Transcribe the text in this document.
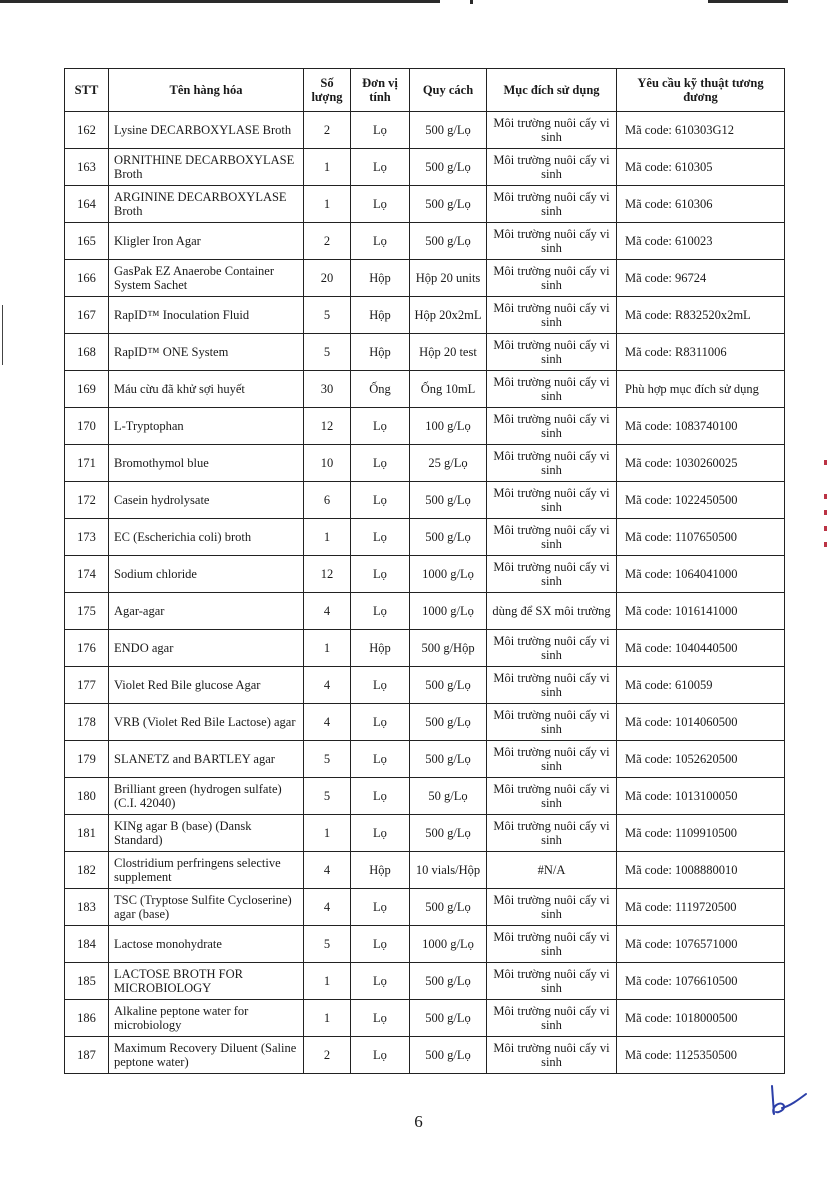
STT	Tên hàng hóa	Số lượng	Đơn vị tính	Quy cách	Mục đích sử dụng	Yêu cầu kỹ thuật tương đương
162	Lysine DECARBOXYLASE Broth	2	Lọ	500 g/Lọ	Môi trường nuôi cấy vi sinh	Mã code: 610303G12
163	ORNITHINE DECARBOXYLASE Broth	1	Lọ	500 g/Lọ	Môi trường nuôi cấy vi sinh	Mã code: 610305
164	ARGININE DECARBOXYLASE Broth	1	Lọ	500 g/Lọ	Môi trường nuôi cấy vi sinh	Mã code: 610306
165	Kligler Iron Agar	2	Lọ	500 g/Lọ	Môi trường nuôi cấy vi sinh	Mã code: 610023
166	GasPak EZ Anaerobe Container System Sachet	20	Hộp	Hộp 20 units	Môi trường nuôi cấy vi sinh	Mã code: 96724
167	RapID™ Inoculation Fluid	5	Hộp	Hộp 20x2mL	Môi trường nuôi cấy vi sinh	Mã code: R832520x2mL
168	RapID™ ONE System	5	Hộp	Hộp 20 test	Môi trường nuôi cấy vi sinh	Mã code: R8311006
169	Máu cừu đã khử sợi huyết	30	Ống	Ống 10mL	Môi trường nuôi cấy vi sinh	Phù hợp mục đích sử dụng
170	L-Tryptophan	12	Lọ	100 g/Lọ	Môi trường nuôi cấy vi sinh	Mã code: 1083740100
171	Bromothymol blue	10	Lọ	25 g/Lọ	Môi trường nuôi cấy vi sinh	Mã code: 1030260025
172	Casein hydrolysate	6	Lọ	500 g/Lọ	Môi trường nuôi cấy vi sinh	Mã code: 1022450500
173	EC (Escherichia coli) broth	1	Lọ	500 g/Lọ	Môi trường nuôi cấy vi sinh	Mã code: 1107650500
174	Sodium chloride	12	Lọ	1000 g/Lọ	Môi trường nuôi cấy vi sinh	Mã code: 1064041000
175	Agar-agar	4	Lọ	1000 g/Lọ	dùng để SX môi trường	Mã code: 1016141000
176	ENDO agar	1	Hộp	500 g/Hộp	Môi trường nuôi cấy vi sinh	Mã code: 1040440500
177	Violet Red Bile glucose Agar	4	Lọ	500 g/Lọ	Môi trường nuôi cấy vi sinh	Mã code: 610059
178	VRB (Violet Red Bile Lactose) agar	4	Lọ	500 g/Lọ	Môi trường nuôi cấy vi sinh	Mã code: 1014060500
179	SLANETZ and BARTLEY agar	5	Lọ	500 g/Lọ	Môi trường nuôi cấy vi sinh	Mã code: 1052620500
180	Brilliant green (hydrogen sulfate) (C.I. 42040)	5	Lọ	50 g/Lọ	Môi trường nuôi cấy vi sinh	Mã code: 1013100050
181	KINg agar B (base) (Dansk Standard)	1	Lọ	500 g/Lọ	Môi trường nuôi cấy vi sinh	Mã code: 1109910500
182	Clostridium perfringens selective supplement	4	Hộp	10 vials/Hộp	#N/A	Mã code: 1008880010
183	TSC (Tryptose Sulfite Cycloserine) agar (base)	4	Lọ	500 g/Lọ	Môi trường nuôi cấy vi sinh	Mã code: 1119720500
184	Lactose monohydrate	5	Lọ	1000 g/Lọ	Môi trường nuôi cấy vi sinh	Mã code: 1076571000
185	LACTOSE BROTH FOR MICROBIOLOGY	1	Lọ	500 g/Lọ	Môi trường nuôi cấy vi sinh	Mã code: 1076610500
186	Alkaline peptone water for microbiology	1	Lọ	500 g/Lọ	Môi trường nuôi cấy vi sinh	Mã code: 1018000500
187	Maximum Recovery Diluent (Saline peptone water)	2	Lọ	500 g/Lọ	Môi trường nuôi cấy vi sinh	Mã code: 1125350500
6
